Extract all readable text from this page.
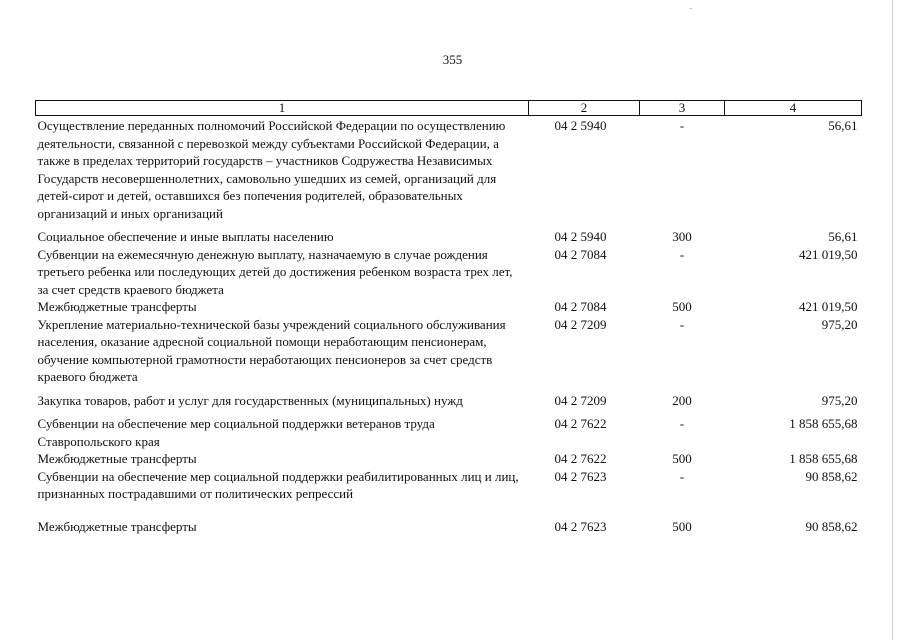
355
1	2	3	4
Осуществление переданных полномочий Российской Федерации по осуществлению деятельности, связанной с перевозкой между субъектами Российской Федерации, а также в пределах территорий государств – участников Содружества Независимых Государств несовершеннолетних, самовольно ушедших из семей, организаций для детей-сирот и детей, оставшихся без попечения родителей, образовательных организаций и иных организаций	04 2 5940	-	56,61
Социальное обеспечение и иные выплаты населению	04 2 5940	300	56,61
Субвенции на ежемесячную денежную выплату, назначаемую в случае рождения третьего ребенка или последующих детей до достижения ребенком возраста трех лет, за счет средств краевого бюджета	04 2 7084	-	421 019,50
Межбюджетные трансферты	04 2 7084	500	421 019,50
Укрепление материально-технической базы учреждений социального обслуживания населения, оказание адресной социальной помощи неработающим пенсионерам, обучение компьютерной грамотности неработающих пенсионеров за счет средств краевого бюджета	04 2 7209	-	975,20
Закупка товаров, работ и услуг для государственных (муниципальных) нужд	04 2 7209	200	975,20
Субвенции на обеспечение мер социальной поддержки ветеранов труда Ставропольского края	04 2 7622	-	1 858 655,68
Межбюджетные трансферты	04 2 7622	500	1 858 655,68
Субвенции на обеспечение мер социальной поддержки реабилитированных лиц и лиц, признанных пострадавшими от политических репрессий	04 2 7623	-	90 858,62
Межбюджетные трансферты	04 2 7623	500	90 858,62
